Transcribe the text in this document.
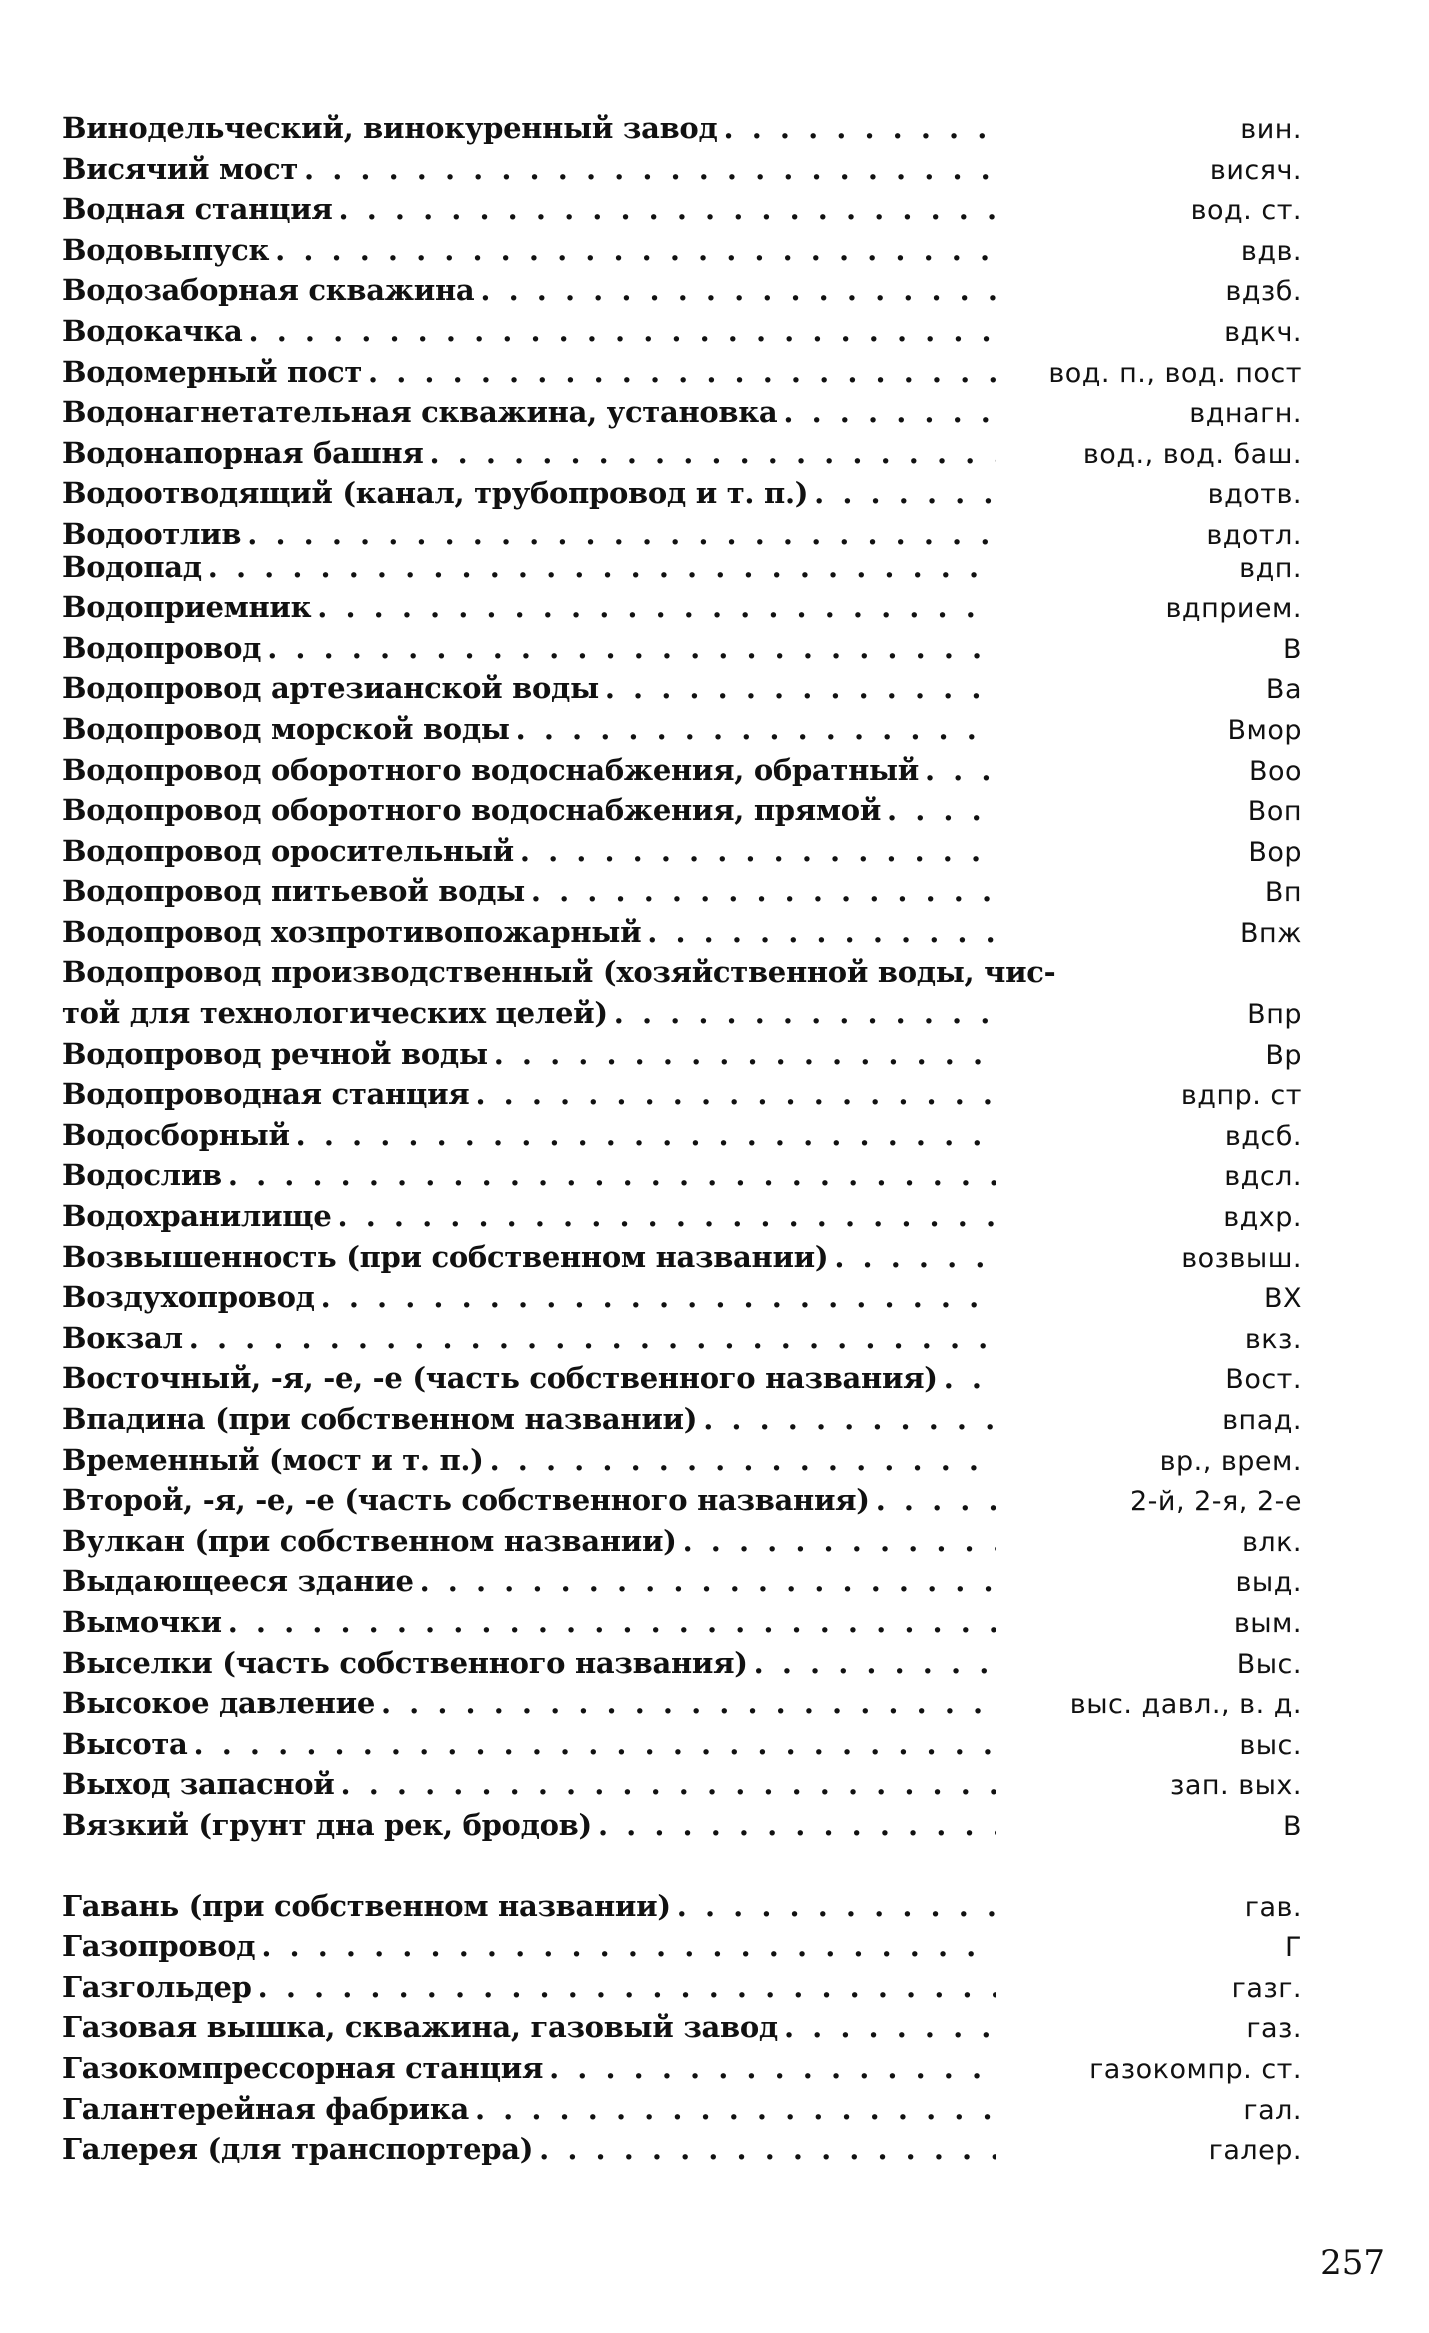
Винодельческий, винокуренный завод . . .	вин.
Висячий мост . . .	висяч.
Водная станция . . .	вод. ст.
Водовыпуск . . .	вдв.
Водозаборная скважина . . .	вдзб.
Водокачка . . .	вдкч.
Водомерный пост . . .	вод. п., вод. пост
Водонагнетательная скважина, установка . . .	вднагн.
Водонапорная башня . . .	вод., вод. баш.
Водоотводящий (канал, трубопровод и т. п.) . . .	вдотв.
Водоотлив . . .	вдотл.
Водопад . . .	вдп.
Водоприемник . . .	вдприем.
Водопровод . . .	В
Водопровод артезианской воды . . .	Ва
Водопровод морской воды . . .	Вмор
Водопровод оборотного водоснабжения, обратный . . .	Воо
Водопровод оборотного водоснабжения, прямой . . .	Воп
Водопровод оросительный . . .	Вор
Водопровод питьевой воды . . .	Вп
Водопровод хозпротивопожарный . . .	Впж
Водопровод производственный (хозяйственной воды, чис-
той для технологических целей) . . .	Впр
Водопровод речной воды . . .	Вр
Водопроводная станция . . .	вдпр. ст
Водосборный . . .	вдсб.
Водослив . . .	вдсл.
Водохранилище . . .	вдхр.
Возвышенность (при собственном названии) . . .	возвыш.
Воздухопровод . . .	ВХ
Вокзал . . .	вкз.
Восточный, -я, -е, -е (часть собственного названия) . . .	Вост.
Впадина (при собственном названии) . . .	впад.
Временный (мост и т. п.) . . .	вр., врем.
Второй, -я, -е, -е (часть собственного названия) . . .	2-й, 2-я, 2-е
Вулкан (при собственном названии) . . .	влк.
Выдающееся здание . . .	выд.
Вымочки . . .	вым.
Выселки (часть собственного названия) . . .	Выс.
Высокое давление . . .	выс. давл., в. д.
Высота . . .	выс.
Выход запасной . . .	зап. вых.
Вязкий (грунт дна рек, бродов) . . .	В
Гавань (при собственном названии) . . .	гав.
Газопровод . . .	Г
Газгольдер . . .	газг.
Газовая вышка, скважина, газовый завод . . .	газ.
Газокомпрессорная станция . . .	газокомпр. ст.
Галантерейная фабрика . . .	гал.
Галерея (для транспортера) . . .	галер.
257
